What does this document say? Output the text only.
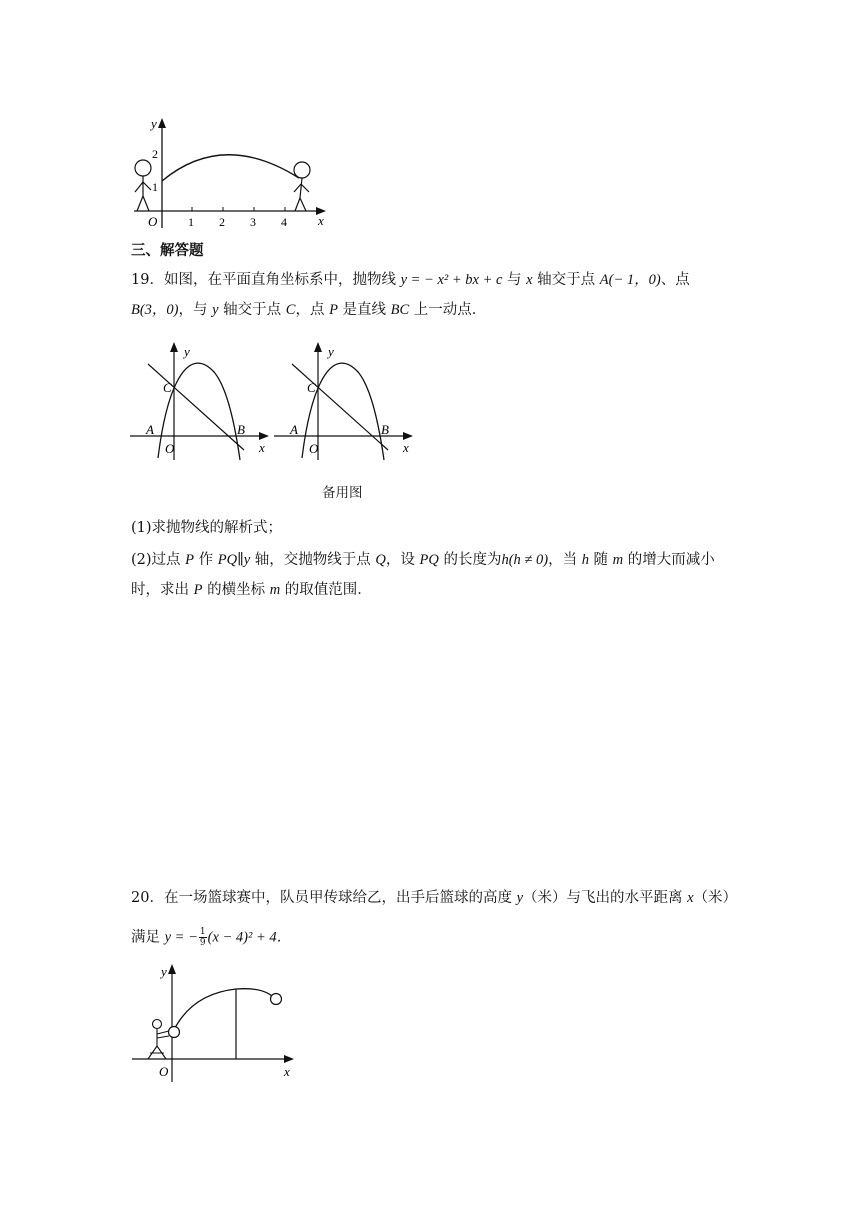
y
x
O
1
2
1 2 3 4
三、解答题
19．如图，在平面直角坐标系中，抛物线 y = − x² + bx + c 与 x 轴交于点 A(− 1，0)、点
B(3，0)，与 y 轴交于点 C，点 P 是直线 BC 上一动点．
y
x
O
A	B
C
y
x
O
A	B
C
备用图
(1)求抛物线的解析式；
(2)过点 P 作 PQ∥y 轴，交抛物线于点 Q，设 PQ 的长度为h(h ≠ 0)，当 h 随 m 的增大而减小
时，求出 P 的横坐标 m 的取值范围．
20．在一场篮球赛中，队员甲传球给乙，出手后篮球的高度 y（米）与飞出的水平距离 x（米）
满足 y = − $\frac{1}{9} (x - 4)^2 + 4$．
y
x
O
